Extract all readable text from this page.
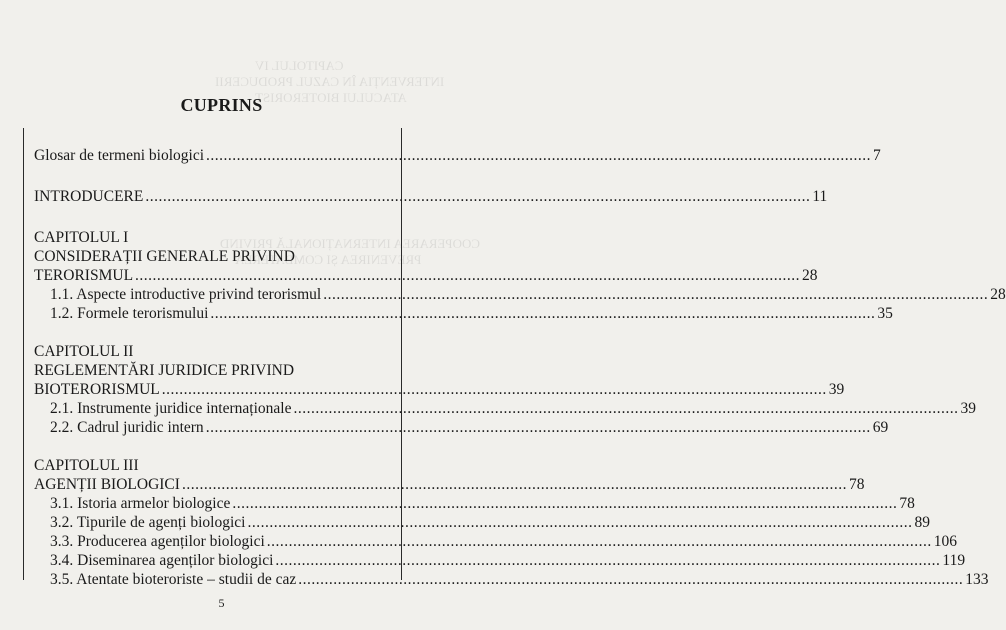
CAPITOLUL IV
INTERVENȚIA ÎN CAZUL PRODUCERII
ATACULUI BIOTERORIST
COOPERAREA INTERNAȚIONALĂ PRIVIND
PREVENIREA ȘI COMBATEREA
CUPRINS
Glosar de termeni biologici .....	7
INTRODUCERE .....	11
CAPITOLUL I
CONSIDERAȚII GENERALE PRIVIND
TERORISMUL .....	28
1.1. Aspecte introductive privind terorismul .....	28
1.2. Formele terorismului .....	35
CAPITOLUL II
REGLEMENTĂRI JURIDICE PRIVIND
BIOTERORISMUL .....	39
2.1. Instrumente juridice internaționale .....	39
2.2. Cadrul juridic intern .....	69
CAPITOLUL III
AGENȚII BIOLOGICI .....	78
3.1. Istoria armelor biologice .....	78
3.2. Tipurile de agenți biologici .....	89
3.3. Producerea agenților biologici .....	106
3.4. Diseminarea agenților biologici .....	119
3.5. Atentate bioteroriste – studii de caz .....	133
5
